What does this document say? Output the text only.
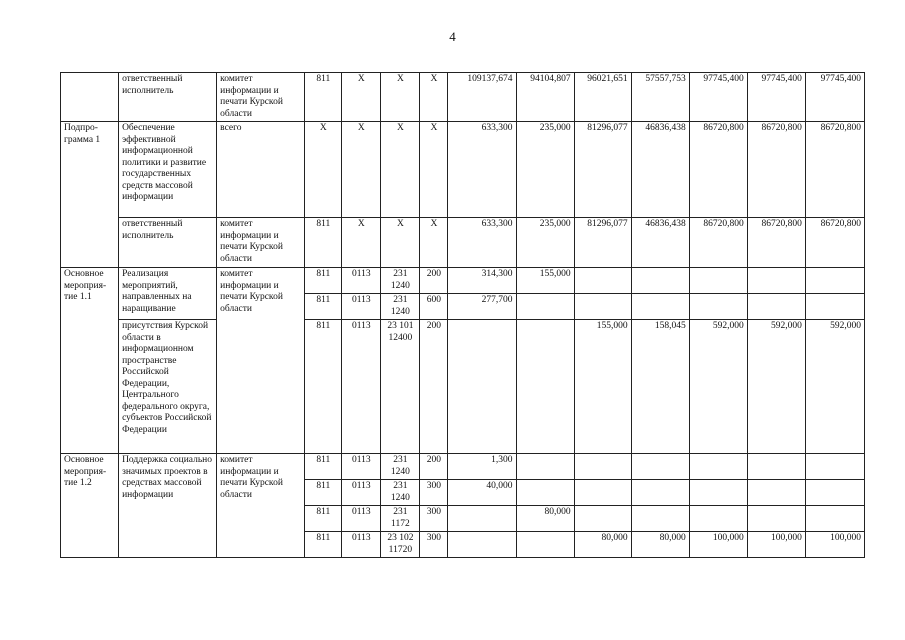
4
	ответственный исполнитель	комитет информации и печати Курской области	811	X	X	X	109137,674	94104,807	96021,651	57557,753	97745,400	97745,400	97745,400
Подпро-грамма 1	Обеспечение эффективной информационной политики и развитие государственных средств массовой информации	всего	X	X	X	X	633,300	235,000	81296,077	46836,438	86720,800	86720,800	86720,800
	ответственный исполнитель	комитет информации и печати Курской области	811	X	X	X	633,300	235,000	81296,077	46836,438	86720,800	86720,800	86720,800
Основное мероприя-тие 1.1	Реализация мероприятий, направленных на наращивание	комитет информации и печати Курской области	811	0113	231 1240	200	314,300	155,000					
			811	0113	231 1240	600	277,700						
	присутствия Курской области в информационном пространстве Российской Федерации, Центрального федерального округа, субъектов Российской Федерации		811	0113	23 101 12400	200			155,000	158,045	592,000	592,000	592,000
Основное мероприя-тие 1.2	Поддержка социально значимых проектов в средствах массовой информации	комитет информации и печати Курской области	811	0113	231 1240	200	1,300						
			811	0113	231 1240	300	40,000						
			811	0113	231 1172	300		80,000					
			811	0113	23 102 11720	300			80,000	80,000	100,000	100,000	100,000
